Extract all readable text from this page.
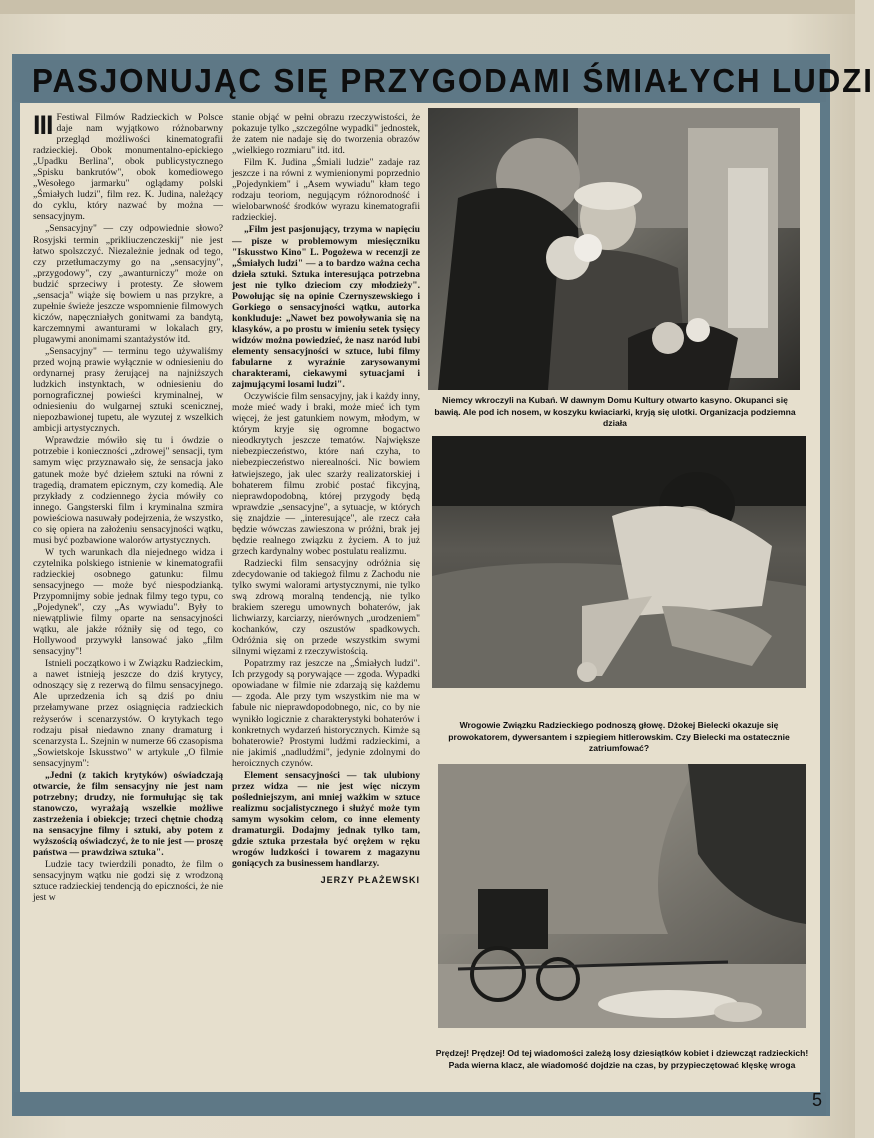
PASJONUJĄC SIĘ PRZYGODAMI ŚMIAŁYCH LUDZI
5

III Festiwal Filmów Radzieckich w Polsce daje nam wyjątkowo różnobarwny przegląd możliwości kinematografii radzieckiej. Obok monumentalno-epickiego „Upadku Berlina", obok publicystycznego „Spisku bankrutów", obok komediowego „Wesołego jarmarku" oglądamy polski „Śmiałych ludzi", film rez. K. Judina, należący do cyklu, który nazwać by można — sensacyjnym.

„Sensacyjny" — czy odpowiednie słowo? Rosyjski termin „prikliuczenczeskij" nie jest łatwo spolszczyć. Niezależnie jednak od tego, czy przetłumaczymy go na „sensacyjny", „przygodowy", czy „awanturniczy" może on budzić sprzeciwy i protesty. Ze słowem „sensacja" wiąże się bowiem u nas przykre, a zupełnie świeże jeszcze wspomnienie filmowych kiczów, napęczniałych gonitwami za bandytą, karczemnymi awanturami w lokalach gry, plugawymi anonimami szantażystów itd.

„Sensacyjny" — terminu tego używaliśmy przed wojną prawie wyłącznie w odniesieniu do ordynarnej prasy żerującej na najniższych ludzkich instynktach, w odniesieniu do pornograficznej powieści kryminalnej, w odniesieniu do wulgarnej sztuki scenicznej, niepozbawionej tupetu, ale wyzutej z wszelkich ambicji artystycznych.

Wprawdzie mówiło się tu i ówdzie o potrzebie i konieczności „zdrowej" sensacji, tym samym więc przyznawało się, że sensacja jako gatunek może być dziełem sztuki na równi z tragedią, dramatem epicznym, czy komedią. Ale przykłady z codziennego życia mówiły co innego. Gangsterski film i kryminalna szmira powieściowa nasuwały podejrzenia, że wszystko, co się opiera na założeniu sensacyjności wątku, musi być pozbawione walorów artystycznych.

W tych warunkach dla niejednego widza i czytelnika polskiego istnienie w kinematografii radzieckiej osobnego gatunku: filmu sensacyjnego — może być niespodzianką. Przypomnijmy sobie jednak filmy tego typu, co „Pojedynek", czy „As wywiadu". Były to niewątpliwie filmy oparte na sensacyjności wątku, ale jakże różniły się od tego, co Hollywood przywykł lansować jako „film sensacyjny"!

Istnieli początkowo i w Związku Radzieckim, a nawet istnieją jeszcze do dziś krytycy, odnoszący się z rezerwą do filmu sensacyjnego. Ale uprzedzenia ich są dziś po dniu przełamywane przez osiągnięcia radzieckich reżyserów i scenarzystów. O krytykach tego rodzaju pisał niedawno znany dramaturg i scenarzysta L. Szejnin w numerze 66 czasopisma „Sowietskoje Iskusstwo" w artykule „O filmie sensacyjnym":

„Jedni (z takich krytyków) oświadczają otwarcie, że film sensacyjny nie jest nam potrzebny; drudzy, nie formułując się tak stanowczo, wyrażają wszelkie możliwe zastrzeżenia i obiekcje; trzeci chętnie chodzą na sensacyjne filmy i sztuki, aby potem z wyższością oświadczyć, że to nie jest — proszę państwa — prawdziwa sztuka".

Ludzie tacy twierdzili ponadto, że film o sensacyjnym wątku nie godzi się z wrodzoną sztuce radzieckiej tendencją do epiczności, że nie jest w

stanie objąć w pełni obrazu rzeczywistości, że pokazuje tylko „szczególne wypadki" jednostek, że zatem nie nadaje się do tworzenia obrazów „wielkiego rozmiaru" itd. itd.

Film K. Judina „Śmiali ludzie" zadaje raz jeszcze i na równi z wymienionymi poprzednio „Pojedynkiem" i „Asem wywiadu" kłam tego rodzaju teoriom, negującym różnorodność i wielobarwność środków wyrazu kinematografii radzieckiej.

„Film jest pasjonujący, trzyma w napięciu — pisze w problemowym miesięczniku "Iskusstwo Kino" L. Pogożewa w recenzji ze „Śmiałych ludzi" — a to bardzo ważna cecha dzieła sztuki. Sztuka interesująca potrzebna jest nie tylko dzieciom czy młodzieży". Powołując się na opinie Czernyszewskiego i Gorkiego o sensacyjności wątku, autorka konkluduje: „Nawet bez powoływania się na klasyków, a po prostu w imieniu setek tysięcy widzów można powiedzieć, że nasz naród lubi elementy sensacyjności w sztuce, lubi filmy fabularne z wyraźnie zarysowanymi charakterami, ciekawymi sytuacjami i zajmującymi losami ludzi".

Oczywiście film sensacyjny, jak i każdy inny, może mieć wady i braki, może mieć ich tym więcej, że jest gatunkiem nowym, młodym, w którym kryje się ogromne bogactwo nieodkrytych jeszcze tematów. Największe niebezpieczeństwo, które nań czyha, to niebezpieczeństwo nierealności. Nic bowiem łatwiejszego, jak ulec szarży realizatorskiej i bohaterem filmu zrobić postać fikcyjną, nieprawdopodobną, której przygody będą wprawdzie „sensacyjne", a sytuacje, w których się znajdzie — „interesujące", ale rzecz cała będzie wówczas zawieszona w próżni, brak jej będzie realnego związku z życiem. A to już grzech kardynalny wobec postulatu realizmu.

Radziecki film sensacyjny odróżnia się zdecydowanie od takiegoż filmu z Zachodu nie tylko swymi walorami artystycznymi, nie tylko swą zdrową moralną tendencją, nie tylko brakiem szeregu umownych bohaterów, jak lichwiarzy, karciarzy, nierównych „urodzeniem" kochanków, czy oszustów spadkowych. Odróżnia się on przede wszystkim swymi silnymi więzami z rzeczywistością.

Popatrzmy raz jeszcze na „Śmiałych ludzi". Ich przygody są porywające — zgoda. Wypadki opowiadane w filmie nie zdarzają się każdemu — zgoda. Ale przy tym wszystkim nie ma w fabule nic nieprawdopodobnego, nic, co by nie wynikło logicznie z charakterystyki bohaterów i konkretnych wydarzeń historycznych. Kimże są bohaterowie? Prostymi ludźmi radzieckimi, a nie jakimiś „nadludźmi", jedynie zdolnymi do heroicznych czynów.

Element sensacyjności — tak ulubiony przez widza — nie jest więc niczym pośledniejszym, ani mniej ważkim w sztuce realizmu socjalistycznego i służyć może tym samym wysokim celom, co inne elementy dramaturgii. Dodajmy jednak tylko tam, gdzie sztuka przestała być orężem w ręku wrogów ludzkości i towarem z magazynu goniących za businessem handlarzy.

JERZY PŁAŻEWSKI
Niemcy wkroczyli na Kubań. W dawnym Domu Kultury otwarto kasyno. Okupanci się bawią. Ale pod ich nosem, w koszyku kwiaciarki, kryją się ulotki. Organizacja podziemna działa
Wrogowie Związku Radzieckiego podnoszą głowę. Dżokej Bielecki okazuje się prowokatorem, dywersantem i szpiegiem hitlerowskim. Czy Bielecki ma ostatecznie zatriumfować?
Prędzej! Prędzej! Od tej wiadomości zależą losy dziesiątków kobiet i dziewcząt radzieckich! Pada wierna klacz, ale wiadomość dojdzie na czas, by przypieczętować klęskę wroga
